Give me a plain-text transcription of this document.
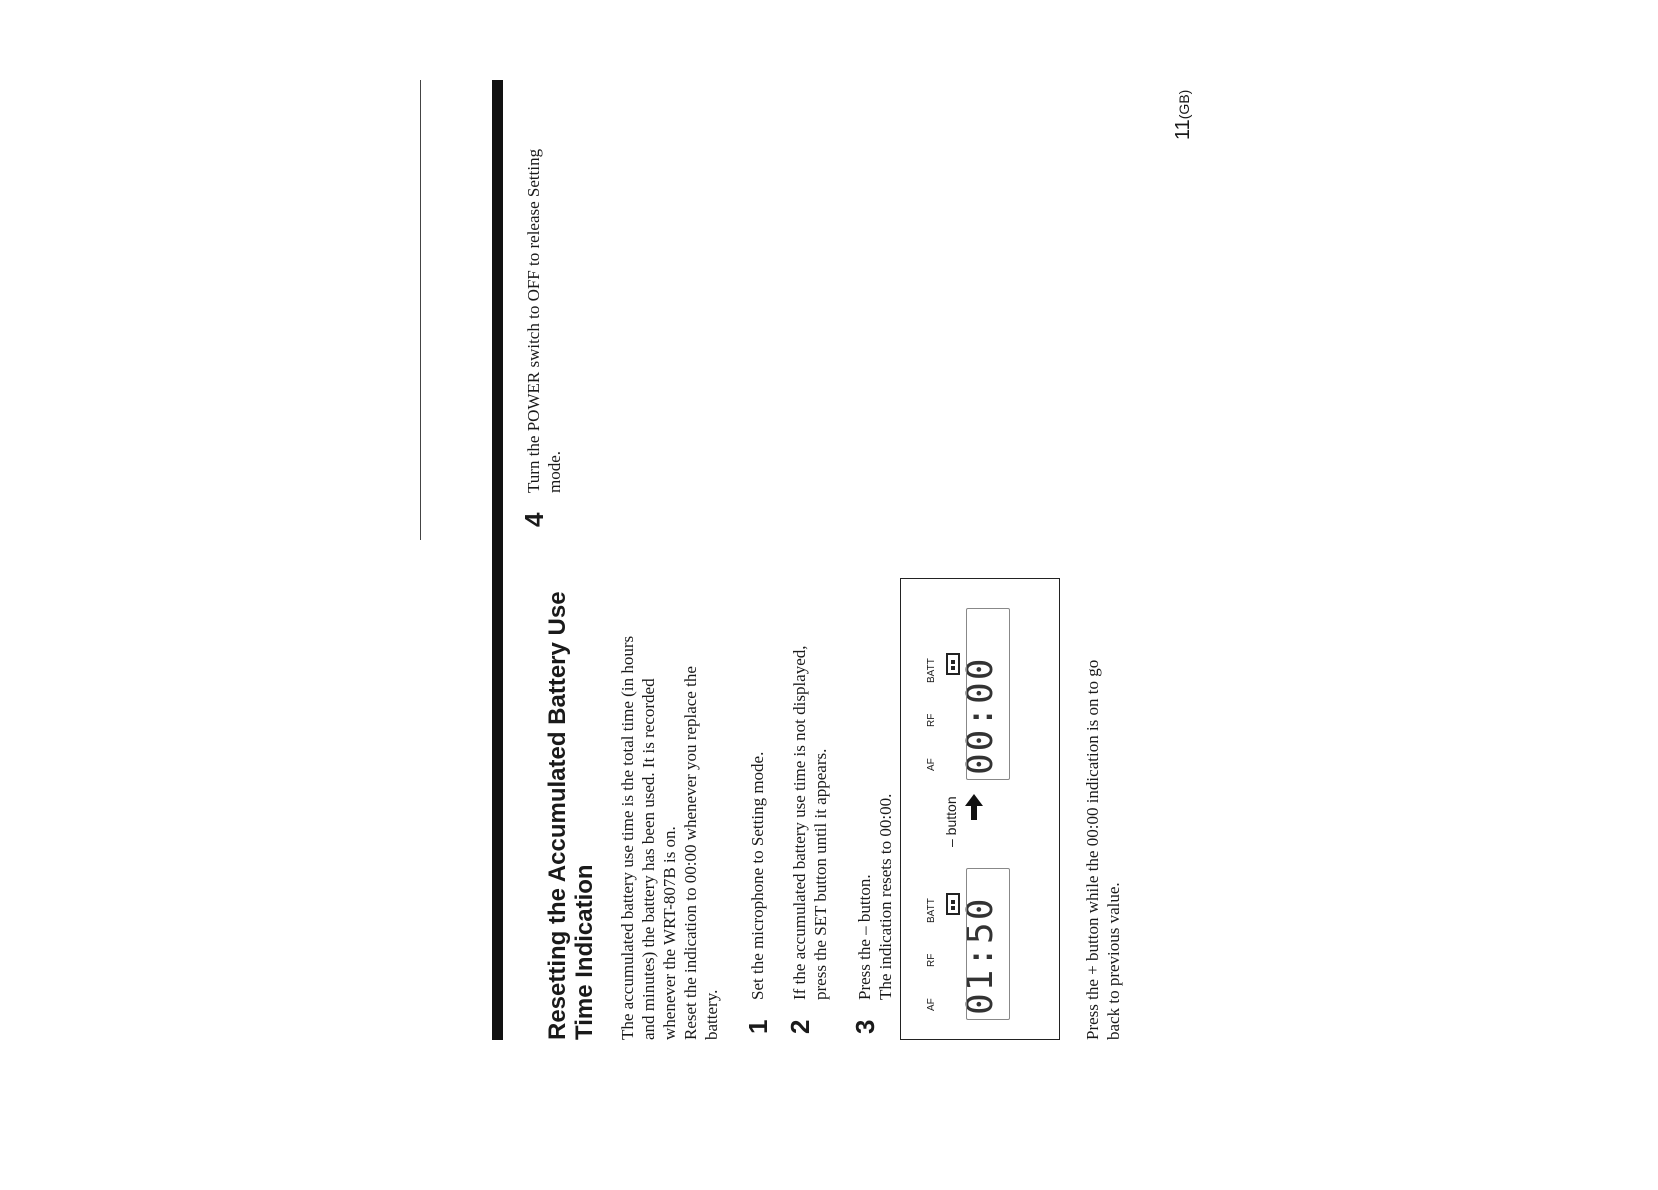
Resetting the Accumulated Battery Use Time Indication The accumulated battery use time is the total time (in hours and minutes) the battery has been used. It is recorded whenever the WRT-807B is on. Reset the indication to 00:00 whenever you replace the battery. 1
Set the microphone to Setting mode.
2
If the accumulated battery use time is not displayed, press the SET button until it appears.
3
Press the – button. The indication resets to 00:00.
AF
RF
BATT 01:50
– button
AF
RF
BATT 00:00	Press the + button while the 00:00 indication is on to go back to previous value.
4
Turn the POWER switch to OFF to release Setting mode.
11(GB)
